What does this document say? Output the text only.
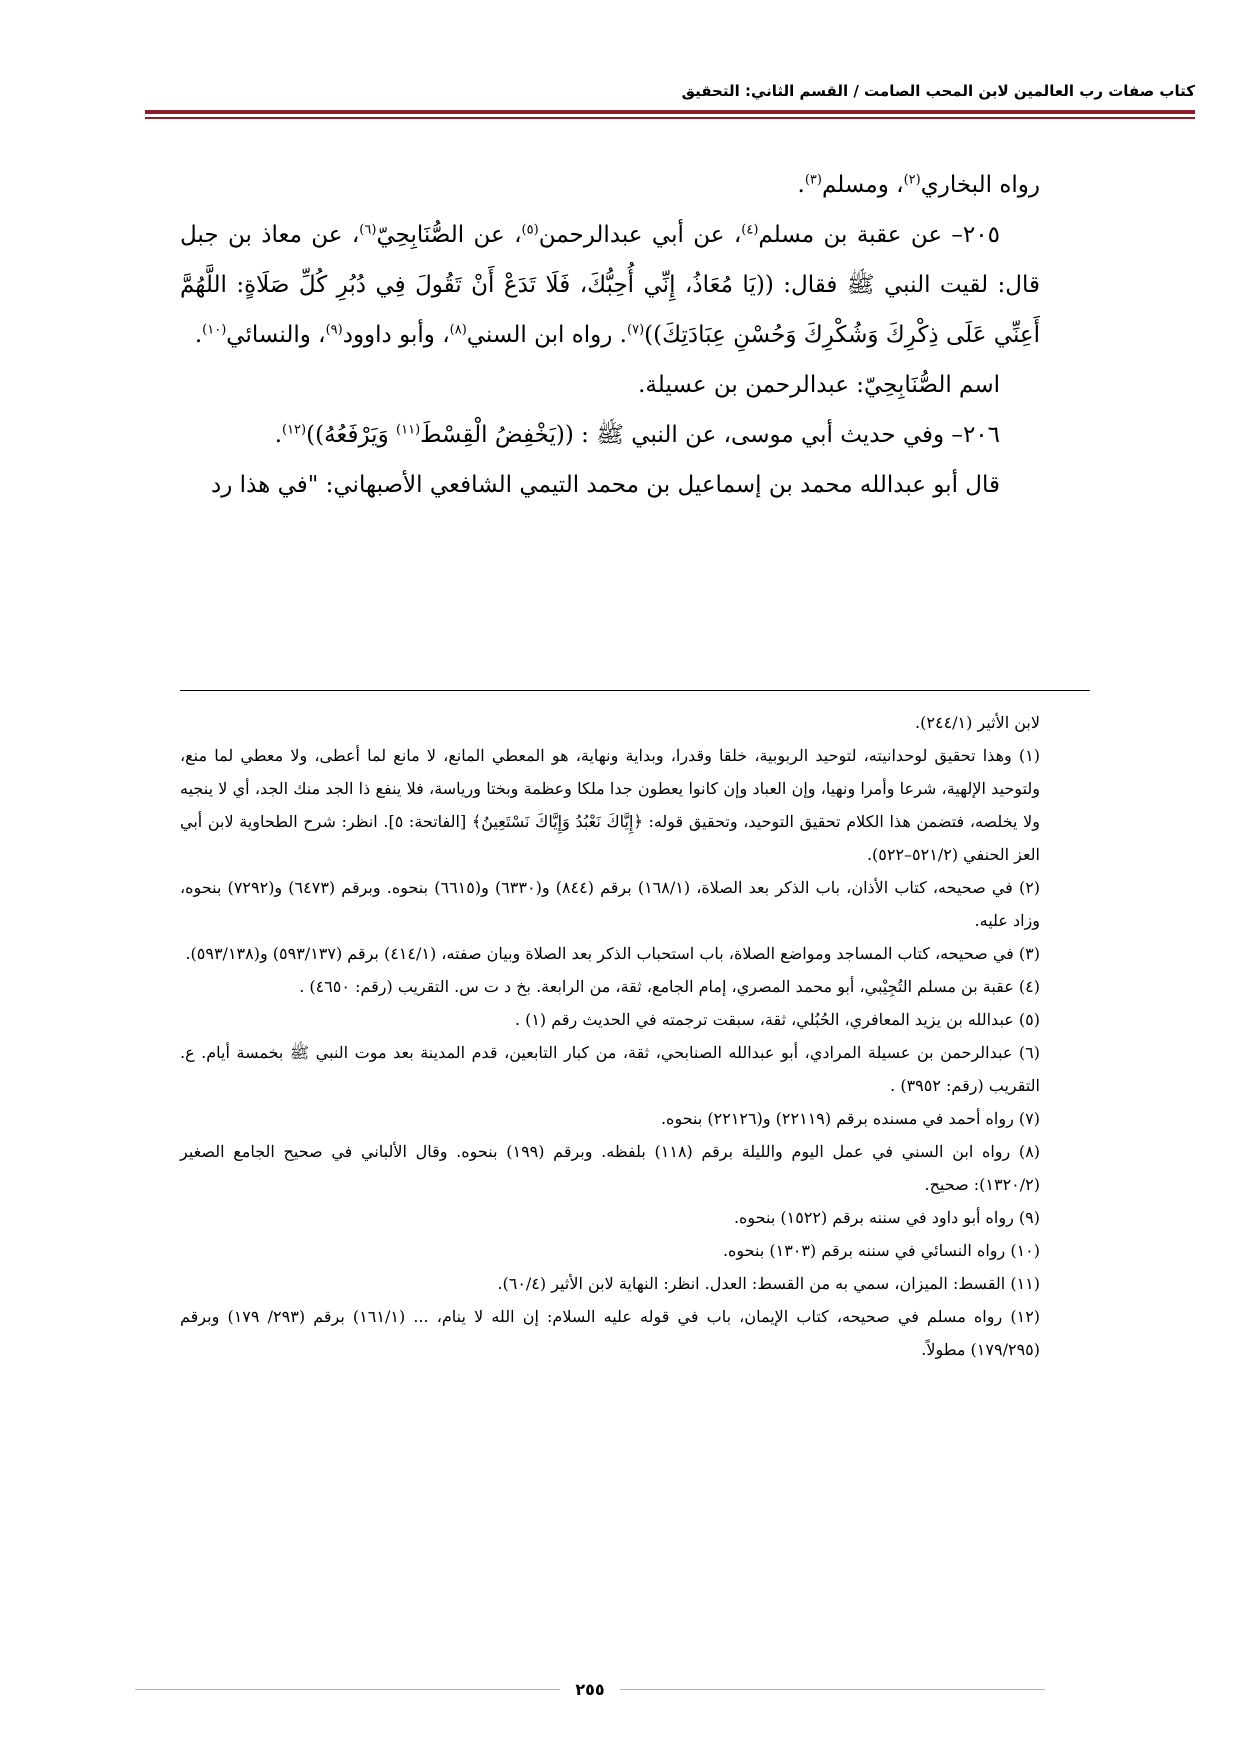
كتاب صفات رب العالمين لابن المحب الصامت / القسم الثاني: التحقيق

رواه البخاري$^{(٢)}$، ومسلم$^{(٣)}$.

٢٠٥– عن عقبة بن مسلم$^{(٤)}$، عن أبي عبدالرحمن$^{(٥)}$، عن الصُّنَابِحِيّ$^{(٦)}$، عن معاذ بن جبل قال: لقيت النبي ﷺ فقال: ((يَا مُعَاذُ، إِنِّي أُحِبُّكَ، فَلَا تَدَعْ أَنْ تَقُولَ فِي دُبُرِ كُلِّ صَلَاةٍ: اللَّهُمَّ أَعِنِّي عَلَى ذِكْرِكَ وَشُكْرِكَ وَحُسْنِ عِبَادَتِكَ))$^{(٧)}$. رواه ابن السني$^{(٨)}$، وأبو داوود$^{(٩)}$، والنسائي$^{(١٠)}$.

اسم الصُّنَابِحِيّ: عبدالرحمن بن عسيلة.

٢٠٦– وفي حديث أبي موسى، عن النبي ﷺ : ((يَخْفِضُ الْقِسْطَ$^{(١١)}$ وَيَرْفَعُهُ))$^{(١٢)}$.

قال أبو عبدالله محمد بن إسماعيل بن محمد التيمي الشافعي الأصبهاني: "في هذا رد

لابن الأثير (٢٤٤/١).

(١) وهذا تحقيق لوحدانيته، لتوحيد الربوبية، خلقا وقدرا، وبداية ونهاية، هو المعطي المانع، لا مانع لما أعطى، ولا معطي لما منع، ولتوحيد الإلهية، شرعا وأمرا ونهيا، وإن العباد وإن كانوا يعطون جدا ملكا وعظمة وبختا ورياسة، فلا ينفع ذا الجد منك الجد، أي لا ينجيه ولا يخلصه، فتضمن هذا الكلام تحقيق التوحيد، وتحقيق قوله: ﴿إِيَّاكَ نَعْبُدُ وَإِيَّاكَ نَسْتَعِينُ﴾ [الفاتحة: ٥]. انظر: شرح الطحاوية لابن أبي العز الحنفي (٥٢١/٢–٥٢٢).

(٢) في صحيحه، كتاب الأذان، باب الذكر بعد الصلاة، (١٦٨/١) برقم (٨٤٤) و(٦٣٣٠) و(٦٦١٥) بنحوه. وبرقم (٦٤٧٣) و(٧٢٩٢) بنحوه، وزاد عليه.

(٣) في صحيحه، كتاب المساجد ومواضع الصلاة، باب استحباب الذكر بعد الصلاة وبيان صفته، (٤١٤/١) برقم (٥٩٣/١٣٧) و(٥٩٣/١٣٨).

(٤) عقبة بن مسلم التُجِيْبي، أبو محمد المصري، إمام الجامع، ثقة، من الرابعة. بخ د ت س. التقريب (رقم: ٤٦٥٠) .

(٥) عبدالله بن يزيد المعافري، الحُبُلي، ثقة، سبقت ترجمته في الحديث رقم (١) .

(٦) عبدالرحمن بن عسيلة المرادي، أبو عبدالله الصنابحي، ثقة، من كبار التابعين، قدم المدينة بعد موت النبي ﷺ بخمسة أيام. ع. التقريب (رقم: ٣٩٥٢) .

(٧) رواه أحمد في مسنده برقم (٢٢١١٩) و(٢٢١٢٦) بنحوه.

(٨) رواه ابن السني في عمل اليوم والليلة برقم (١١٨) بلفظه. وبرقم (١٩٩) بنحوه. وقال الألباني في صحيح الجامع الصغير (١٣٢٠/٢): صحيح.

(٩) رواه أبو داود في سننه برقم (١٥٢٢) بنحوه.

(١٠) رواه النسائي في سننه برقم (١٣٠٣) بنحوه.

(١١) القسط: الميزان، سمي به من القسط: العدل. انظر: النهاية لابن الأثير (٦٠/٤).

(١٢) رواه مسلم في صحيحه، كتاب الإيمان، باب في قوله عليه السلام: إن الله لا ينام، ... (١٦١/١) برقم (٢٩٣/ ١٧٩) وبرقم (١٧٩/٢٩٥) مطولاً.

٢٥٥
